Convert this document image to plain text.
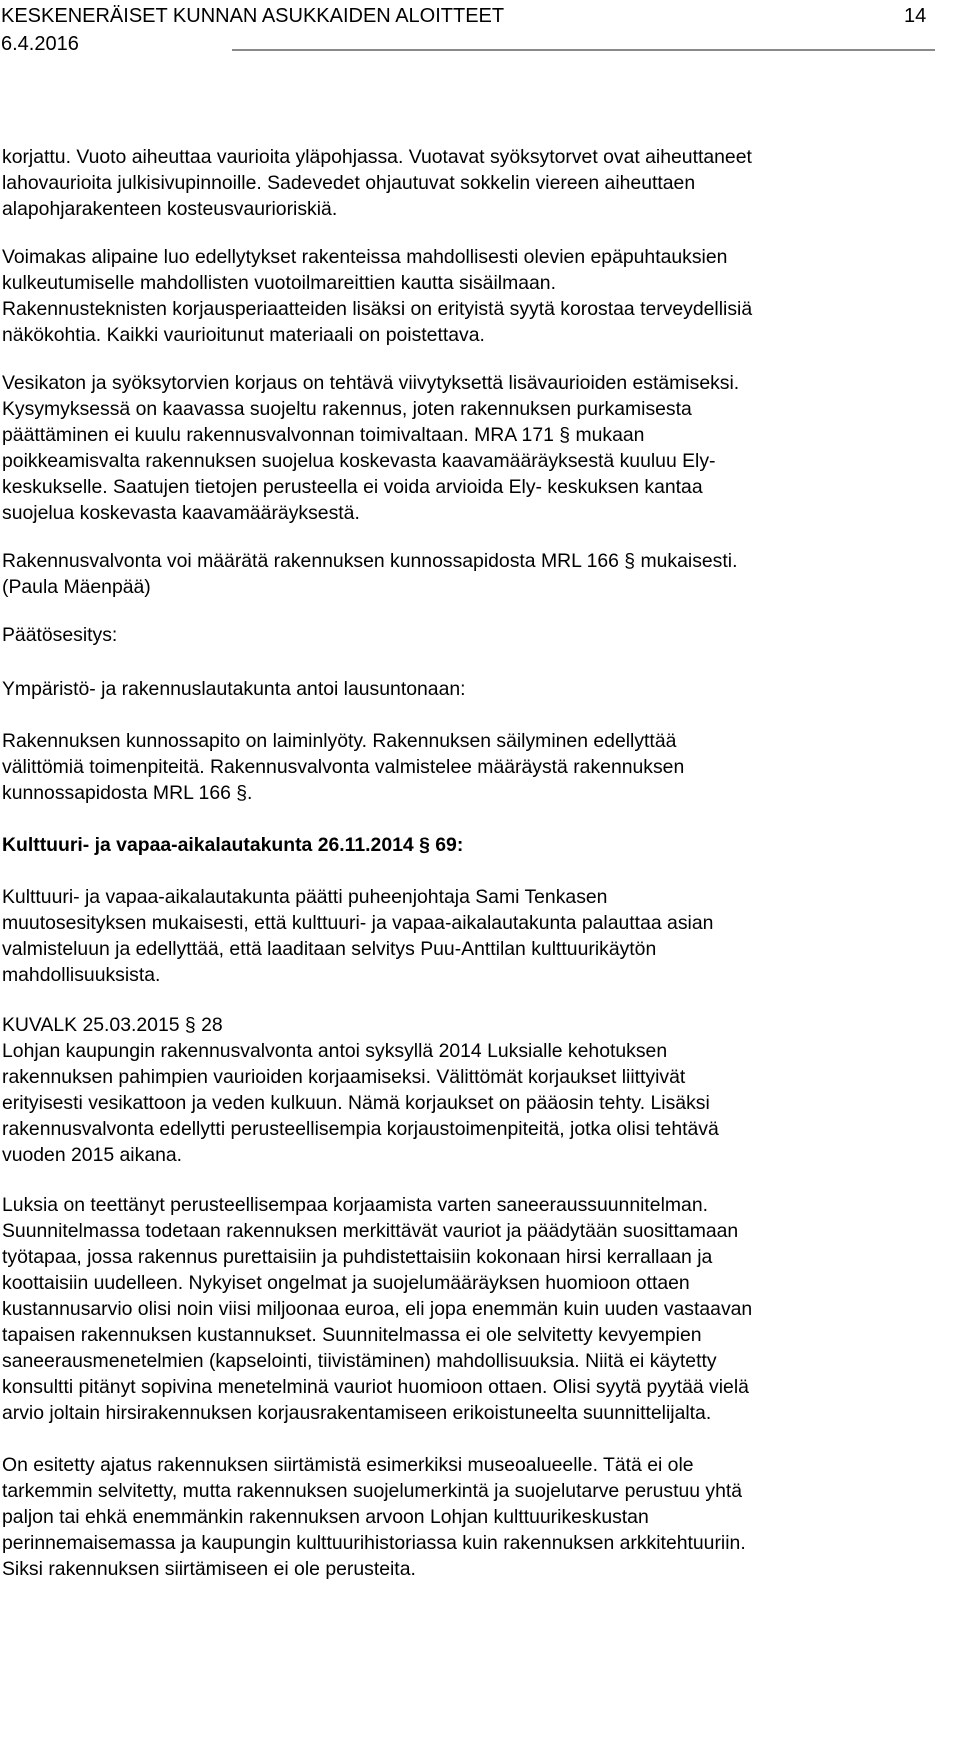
KESKENERÄISET KUNNAN ASUKKAIDEN ALOITTEET	14
6.4.2016
korjattu. Vuoto aiheuttaa vaurioita yläpohjassa. Vuotavat syöksytorvet ovat aiheuttaneet
lahovaurioita julkisivupinnoille. Sadevedet ohjautuvat sokkelin viereen aiheuttaen
alapohjarakenteen kosteusvaurioriskiä.
Voimakas alipaine luo edellytykset rakenteissa mahdollisesti olevien epäpuhtauksien
kulkeutumiselle mahdollisten vuotoilmareittien kautta sisäilmaan.
Rakennusteknisten korjausperiaatteiden lisäksi on erityistä syytä korostaa terveydellisiä
näkökohtia. Kaikki vaurioitunut materiaali on poistettava.
Vesikaton ja syöksytorvien korjaus on tehtävä viivytyksettä lisävaurioiden estämiseksi.
Kysymyksessä on kaavassa suojeltu rakennus, joten rakennuksen purkamisesta
päättäminen ei kuulu rakennusvalvonnan toimivaltaan. MRA 171 § mukaan
poikkeamisvalta rakennuksen suojelua koskevasta kaavamääräyksestä kuuluu Ely-
keskukselle. Saatujen tietojen perusteella ei voida arvioida Ely- keskuksen kantaa
suojelua koskevasta kaavamääräyksestä.
Rakennusvalvonta voi määrätä rakennuksen kunnossapidosta MRL 166 § mukaisesti.
(Paula Mäenpää)
Päätösesitys:
Ympäristö- ja rakennuslautakunta antoi lausuntonaan:
Rakennuksen kunnossapito on laiminlyöty. Rakennuksen säilyminen edellyttää
välittömiä toimenpiteitä. Rakennusvalvonta valmistelee määräystä rakennuksen
kunnossapidosta MRL 166 §.
Kulttuuri- ja vapaa-aikalautakunta 26.11.2014 § 69:
Kulttuuri- ja vapaa-aikalautakunta päätti puheenjohtaja Sami Tenkasen
muutosesityksen mukaisesti, että kulttuuri- ja vapaa-aikalautakunta palauttaa asian
valmisteluun ja edellyttää, että laaditaan selvitys Puu-Anttilan kulttuurikäytön
mahdollisuuksista.
KUVALK 25.03.2015 § 28
Lohjan kaupungin rakennusvalvonta antoi syksyllä 2014 Luksialle kehotuksen
rakennuksen pahimpien vaurioiden korjaamiseksi. Välittömät korjaukset liittyivät
erityisesti vesikattoon ja veden kulkuun. Nämä korjaukset on pääosin tehty. Lisäksi
rakennusvalvonta edellytti perusteellisempia korjaustoimenpiteitä, jotka olisi tehtävä
vuoden 2015 aikana.
Luksia on teettänyt perusteellisempaa korjaamista varten saneeraussuunnitelman.
Suunnitelmassa todetaan rakennuksen merkittävät vauriot ja päädytään suosittamaan
työtapaa, jossa rakennus purettaisiin ja puhdistettaisiin kokonaan hirsi kerrallaan ja
koottaisiin uudelleen. Nykyiset ongelmat ja suojelumääräyksen huomioon ottaen
kustannusarvio olisi noin viisi miljoonaa euroa, eli jopa enemmän kuin uuden vastaavan
tapaisen rakennuksen kustannukset. Suunnitelmassa ei ole selvitetty kevyempien
saneerausmenetelmien (kapselointi, tiivistäminen) mahdollisuuksia. Niitä ei käytetty
konsultti pitänyt sopivina menetelminä vauriot huomioon ottaen. Olisi syytä pyytää vielä
arvio joltain hirsirakennuksen korjausrakentamiseen erikoistuneelta suunnittelijalta.
On esitetty ajatus rakennuksen siirtämistä esimerkiksi museoalueelle. Tätä ei ole
tarkemmin selvitetty, mutta rakennuksen suojelumerkintä ja suojelutarve perustuu yhtä
paljon tai ehkä enemmänkin rakennuksen arvoon Lohjan kulttuurikeskustan
perinnemaisemassa ja kaupungin kulttuurihistoriassa kuin rakennuksen arkkitehtuuriin.
Siksi rakennuksen siirtämiseen ei ole perusteita.
